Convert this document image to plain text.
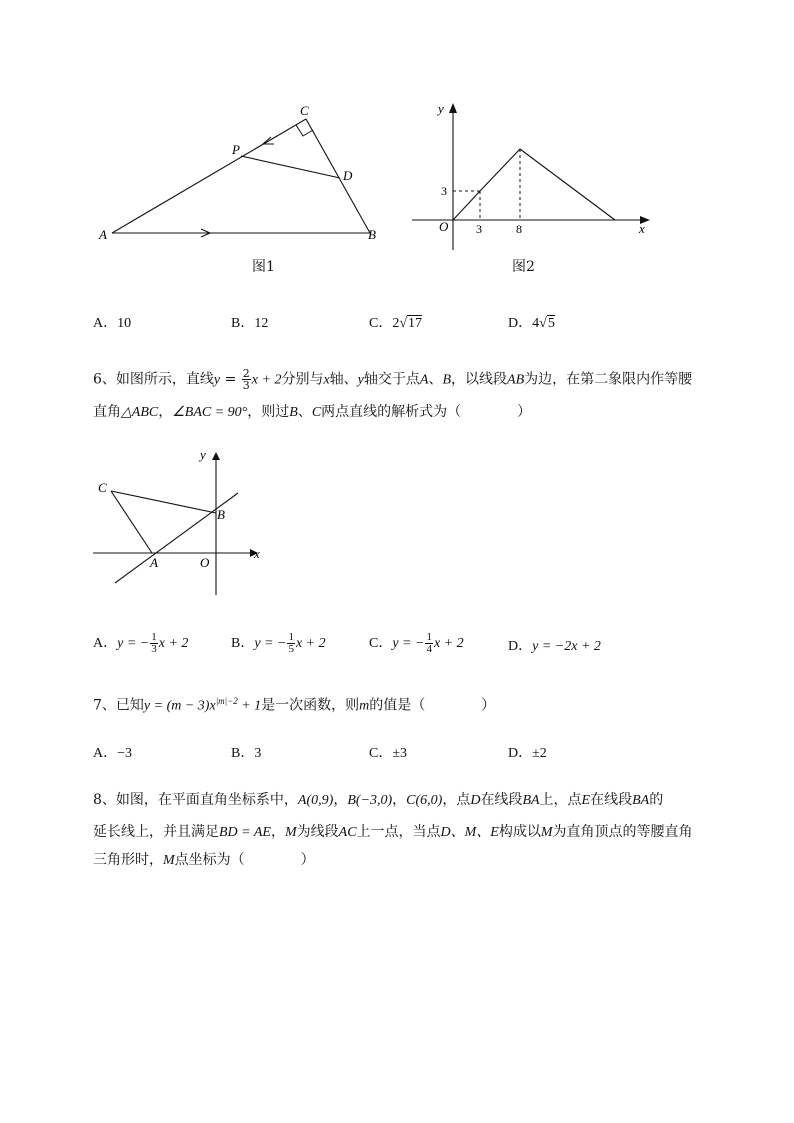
A	B
C
P
D
图1
y
x
O
3
3	8
图2
A．10	B．12	C．2√17	D．4√5
6、如图所示，直线$y = \frac{2}{3}$ x + 2分别与x轴、y轴交于点A、B，以线段AB为边，在第二象限内作等腰
直角△ABC，∠BAC = 90°，则过B、C两点直线的解析式为（　　　　）
y
x
C
B
A	O
A．y = − $\frac{1}{3}$ x + 2	B．y = − $\frac{1}{5}$ x + 2	C．y = − $\frac{1}{4}$ x + 2	D．y = −2x + 2
7、已知$y = (m - 3)x^{|m|-2} + 1$是一次函数，则m的值是（　　　　）
A．−3	B．3	C．±3	D．±2
8、如图，在平面直角坐标系中，A(0,9)，B(−3,0)，C(6,0)，点D在线段BA上，点E在线段BA的
延长线上，并且满足BD = AE，M为线段AC上一点，当点D、M、E构成以M为直角顶点的等腰直角
三角形时，M点坐标为（　　　　）
